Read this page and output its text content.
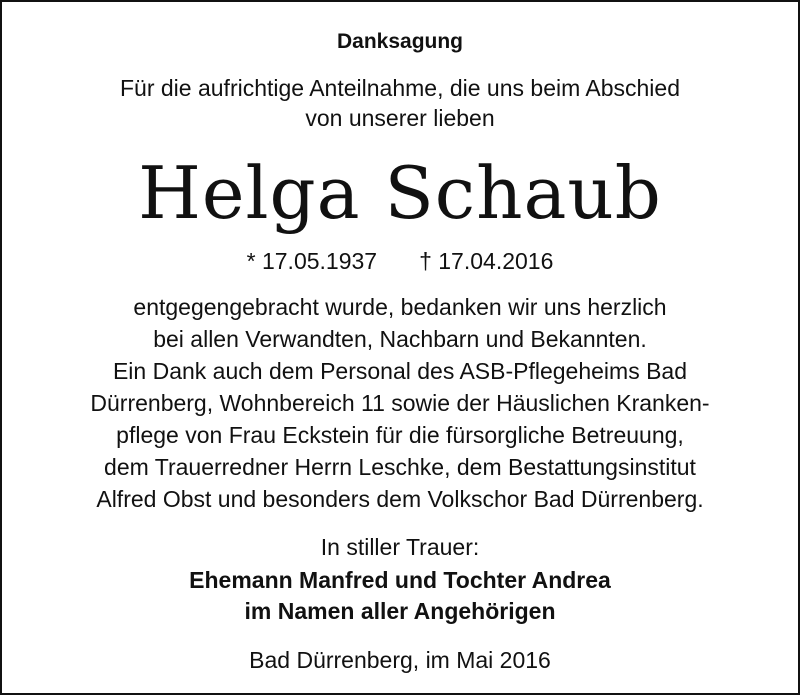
Danksagung
Für die aufrichtige Anteilnahme, die uns beim Abschied
von unserer lieben
Helga Schaub
* 17.05.1937 † 17.04.2016
entgegengebracht wurde, bedanken wir uns herzlich
bei allen Verwandten, Nachbarn und Bekannten.
Ein Dank auch dem Personal des ASB-Pflegeheims Bad
Dürrenberg, Wohnbereich 11 sowie der Häuslichen Kranken-
pflege von Frau Eckstein für die fürsorgliche Betreuung,
dem Trauerredner Herrn Leschke, dem Bestattungsinstitut
Alfred Obst und besonders dem Volkschor Bad Dürrenberg.
In stiller Trauer:
Ehemann Manfred und Tochter Andrea
im Namen aller Angehörigen
Bad Dürrenberg, im Mai 2016
